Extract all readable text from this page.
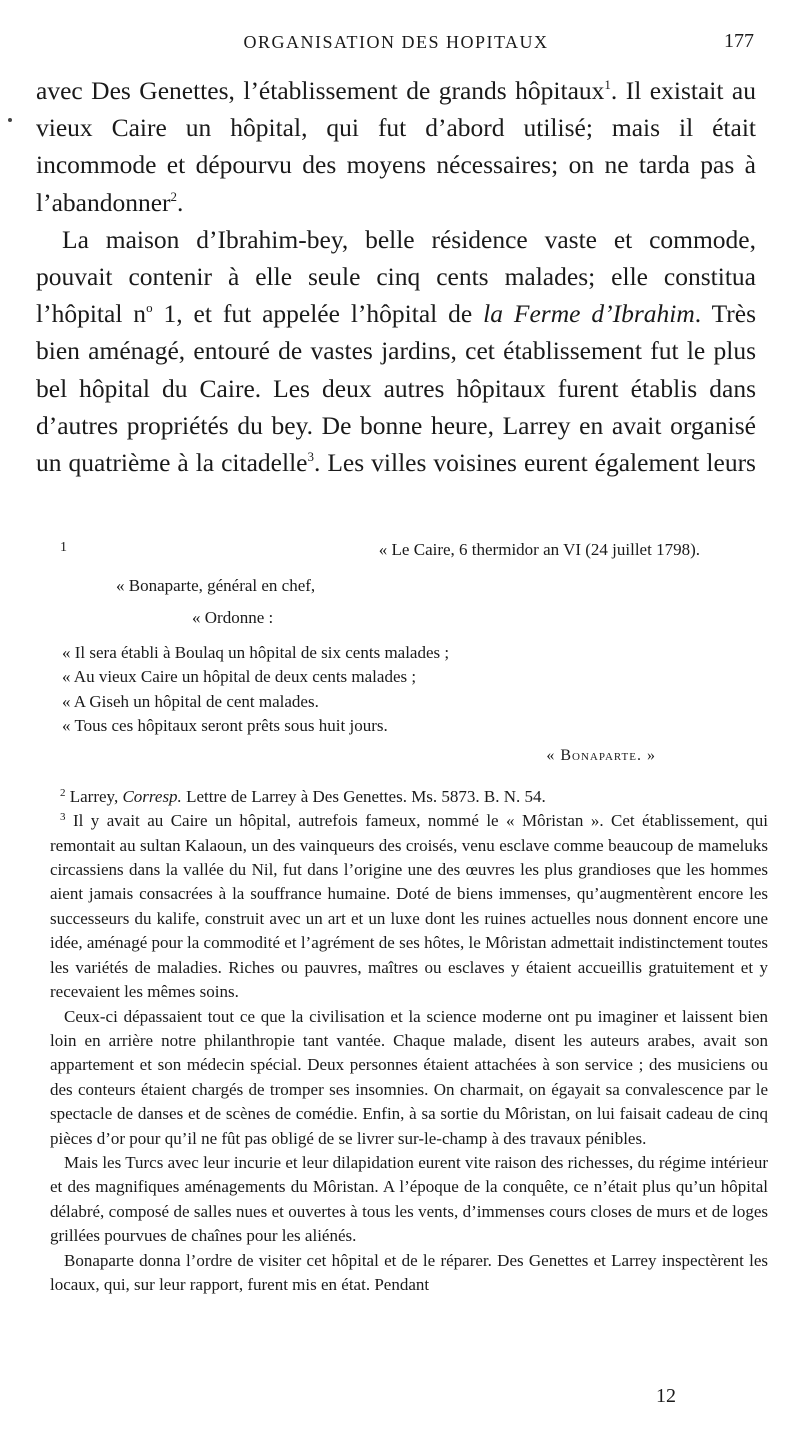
ORGANISATION DES HOPITAUX	177

avec Des Genettes, l’établissement de grands hôpitaux$^1$. Il existait au vieux Caire un hôpital, qui fut d’abord utilisé; mais il était incommode et dépourvu des moyens nécessaires; on ne tarda pas à l’abandonner$^2$.

La maison d’Ibrahim-bey, belle résidence vaste et commode, pouvait contenir à elle seule cinq cents malades; elle constitua l’hôpital n$^o$ 1, et fut appelée l’hôpital de la Ferme d’Ibrahim. Très bien aménagé, entouré de vastes jardins, cet établissement fut le plus bel hôpital du Caire. Les deux autres hôpitaux furent établis dans d’autres propriétés du bey. De bonne heure, Larrey en avait organisé un quatrième à la citadelle$^3$. Les villes voisines eurent également leurs

1	« Le Caire, 6 thermidor an VI (24 juillet 1798).
« Bonaparte, général en chef,
« Ordonne :
« Il sera établi à Boulaq un hôpital de six cents malades ;
« Au vieux Caire un hôpital de deux cents malades ;
« A Giseh un hôpital de cent malades.
« Tous ces hôpitaux seront prêts sous huit jours.
« Bonaparte. »
$^2$ Larrey, Corresp. Lettre de Larrey à Des Genettes. Ms. 5873. B. N. 54.

$^3$ Il y avait au Caire un hôpital, autrefois fameux, nommé le « Môristan ». Cet établissement, qui remontait au sultan Kalaoun, un des vainqueurs des croisés, venu esclave comme beaucoup de mameluks circassiens dans la vallée du Nil, fut dans l’origine une des œuvres les plus grandioses que les hommes aient jamais consacrées à la souffrance humaine. Doté de biens immenses, qu’augmentèrent encore les successeurs du kalife, construit avec un art et un luxe dont les ruines actuelles nous donnent encore une idée, aménagé pour la commodité et l’agrément de ses hôtes, le Môristan admettait indistinctement toutes les variétés de maladies. Riches ou pauvres, maîtres ou esclaves y étaient accueillis gratuitement et y recevaient les mêmes soins.

Ceux-ci dépassaient tout ce que la civilisation et la science moderne ont pu imaginer et laissent bien loin en arrière notre philanthropie tant vantée. Chaque malade, disent les auteurs arabes, avait son appartement et son médecin spécial. Deux personnes étaient attachées à son service ; des musiciens ou des conteurs étaient chargés de tromper ses insomnies. On charmait, on égayait sa convalescence par le spectacle de danses et de scènes de comédie. Enfin, à sa sortie du Môristan, on lui faisait cadeau de cinq pièces d’or pour qu’il ne fût pas obligé de se livrer sur-le-champ à des travaux pénibles.

Mais les Turcs avec leur incurie et leur dilapidation eurent vite raison des richesses, du régime intérieur et des magnifiques aménagements du Môristan. A l’époque de la conquête, ce n’était plus qu’un hôpital délabré, composé de salles nues et ouvertes à tous les vents, d’immenses cours closes de murs et de loges grillées pourvues de chaînes pour les aliénés.

Bonaparte donna l’ordre de visiter cet hôpital et de le réparer. Des Genettes et Larrey inspectèrent les locaux, qui, sur leur rapport, furent mis en état. Pendant

12
